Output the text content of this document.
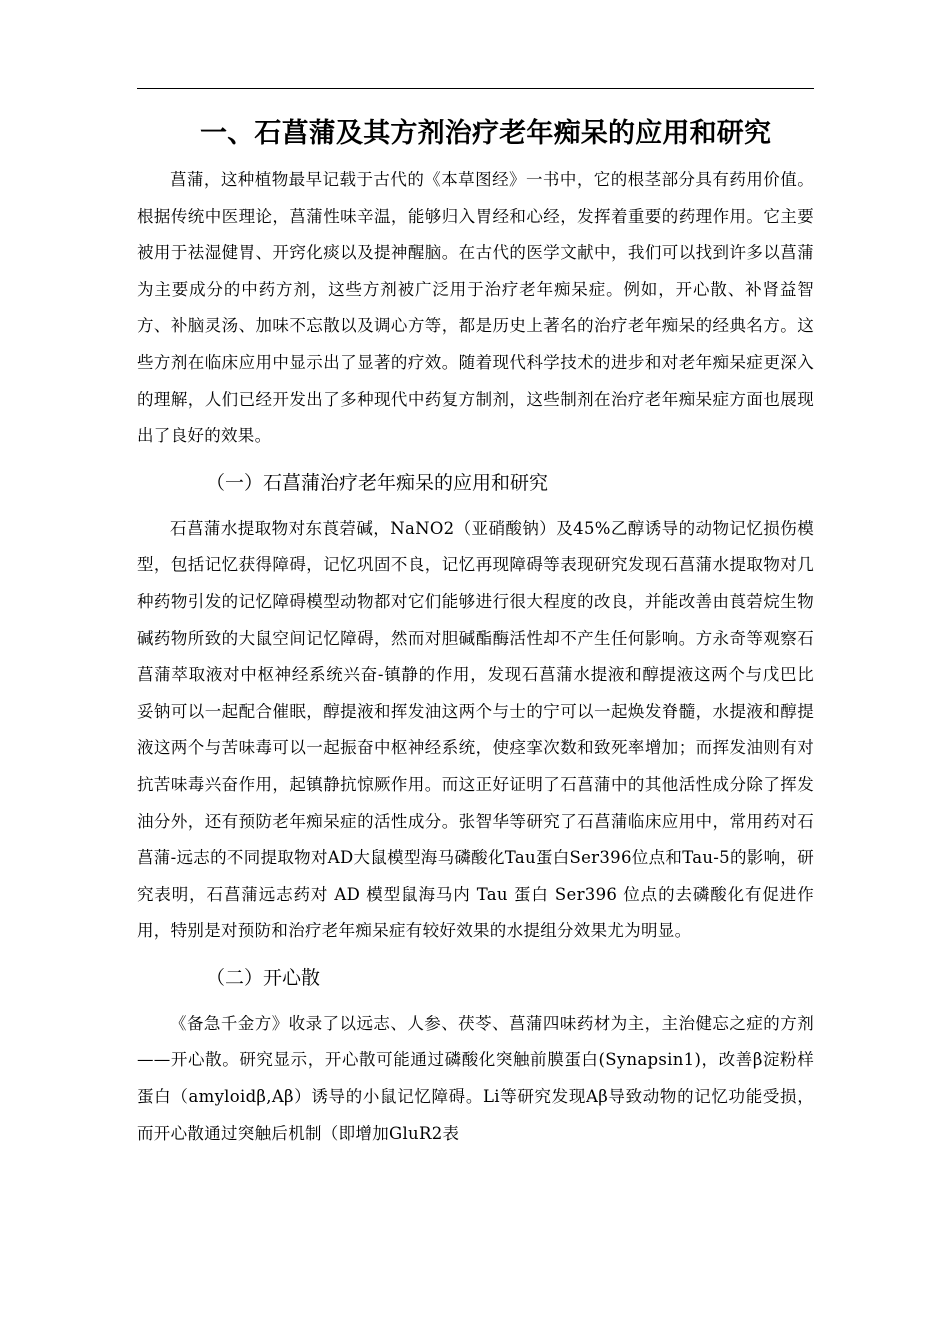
一、石菖蒲及其方剂治疗老年痴呆的应用和研究

菖蒲，这种植物最早记载于古代的《本草图经》一书中，它的根茎部分具有药用价值。根据传统中医理论，菖蒲性味辛温，能够归入胃经和心经，发挥着重要的药理作用。它主要被用于祛湿健胃、开窍化痰以及提神醒脑。在古代的医学文献中，我们可以找到许多以菖蒲为主要成分的中药方剂，这些方剂被广泛用于治疗老年痴呆症。例如，开心散、补肾益智方、补脑灵汤、加味不忘散以及调心方等，都是历史上著名的治疗老年痴呆的经典名方。这些方剂在临床应用中显示出了显著的疗效。随着现代科学技术的进步和对老年痴呆症更深入的理解，人们已经开发出了多种现代中药复方制剂，这些制剂在治疗老年痴呆症方面也展现出了良好的效果。

（一）石菖蒲治疗老年痴呆的应用和研究

石菖蒲水提取物对东莨菪碱，NaNO2（亚硝酸钠）及45%乙醇诱导的动物记忆损伤模型，包括记忆获得障碍，记忆巩固不良，记忆再现障碍等表现研究发现石菖蒲水提取物对几种药物引发的记忆障碍模型动物都对它们能够进行很大程度的改良，并能改善由莨菪烷生物碱药物所致的大鼠空间记忆障碍，然而对胆碱酯酶活性却不产生任何影响。方永奇等观察石菖蒲萃取液对中枢神经系统兴奋-镇静的作用，发现石菖蒲水提液和醇提液这两个与戊巴比妥钠可以一起配合催眠，醇提液和挥发油这两个与士的宁可以一起焕发脊髓，水提液和醇提液这两个与苦味毒可以一起振奋中枢神经系统，使痉挛次数和致死率增加；而挥发油则有对抗苦味毒兴奋作用，起镇静抗惊厥作用。而这正好证明了石菖蒲中的其他活性成分除了挥发油分外，还有预防老年痴呆症的活性成分。张智华等研究了石菖蒲临床应用中，常用药对石菖蒲-远志的不同提取物对AD大鼠模型海马磷酸化Tau蛋白Ser396位点和Tau-5的影响，研究表明，石菖蒲远志药对 AD 模型鼠海马内 Tau 蛋白 Ser396 位点的去磷酸化有促进作用，特别是对预防和治疗老年痴呆症有较好效果的水提组分效果尤为明显。

（二）开心散

《备急千金方》收录了以远志、人参、茯苓、菖蒲四味药材为主，主治健忘之症的方剂——开心散。研究显示，开心散可能通过磷酸化突触前膜蛋白(Synapsin1)，改善β淀粉样蛋白（amyloidβ,Aβ）诱导的小鼠记忆障碍。Li等研究发现Aβ导致动物的记忆功能受损，而开心散通过突触后机制（即增加GluR2表
